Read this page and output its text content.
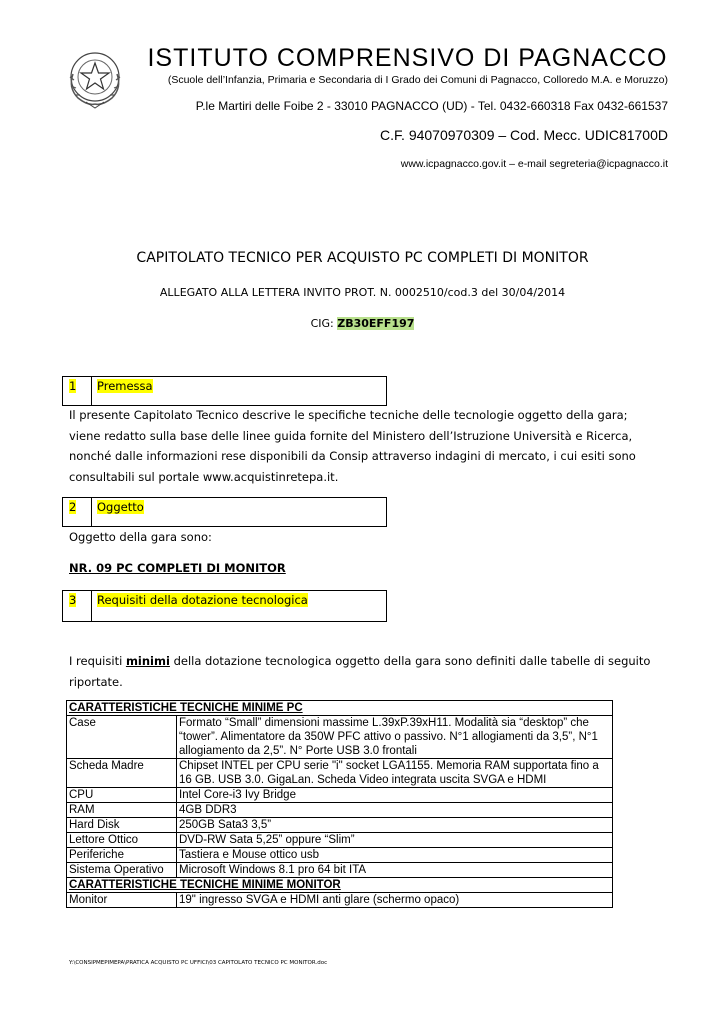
ISTITUTO COMPRENSIVO DI PAGNACCO
(Scuole dell’Infanzia, Primaria e Secondaria di I Grado dei Comuni di Pagnacco, Colloredo M.A. e Moruzzo)
P.le Martiri delle Foibe 2 - 33010 PAGNACCO (UD) - Tel. 0432-660318 Fax 0432-661537
C.F. 94070970309 – Cod. Mecc. UDIC81700D
www.icpagnacco.gov.it – e-mail segreteria@icpagnacco.it
CAPITOLATO TECNICO PER ACQUISTO PC COMPLETI DI MONITOR
ALLEGATO ALLA LETTERA INVITO PROT. N. 0002510/cod.3 del 30/04/2014
CIG: ZB30EFF197
1 Premessa
Il presente Capitolato Tecnico descrive le specifiche tecniche delle tecnologie oggetto della gara; viene redatto sulla base delle linee guida fornite del Ministero dell’Istruzione Università e Ricerca, nonché dalle informazioni rese disponibili da Consip attraverso indagini di mercato, i cui esiti sono consultabili sul portale www.acquistinretepa.it.
2 Oggetto
Oggetto della gara sono:
NR. 09 PC COMPLETI DI MONITOR
3 Requisiti della dotazione tecnologica
I requisiti minimi della dotazione tecnologica oggetto della gara sono definiti dalle tabelle di seguito riportate.
CARATTERISTICHE TECNICHE MINIME PC	
Case	Formato “Small” dimensioni massime L.39xP.39xH11. Modalità sia “desktop” che “tower”. Alimentatore da 350W PFC attivo o passivo. N°1 allogiamenti da 3,5”, N°1 allogiamento da 2,5”. N° Porte USB 3.0 frontali
Scheda Madre	Chipset INTEL per CPU serie "i" socket LGA1155. Memoria RAM supportata fino a 16 GB. USB 3.0. GigaLan. Scheda Video integrata uscita SVGA e HDMI
CPU	Intel Core-i3 Ivy Bridge
RAM	4GB DDR3
Hard Disk	250GB Sata3 3,5”
Lettore Ottico	DVD-RW Sata 5,25” oppure “Slim”
Periferiche	Tastiera e Mouse ottico usb
Sistema Operativo	Microsoft Windows 8.1 pro 64 bit ITA
CARATTERISTICHE TECNICHE MINIME MONITOR	
Monitor	19" ingresso SVGA e HDMI anti glare (schermo opaco)
Y:\CONSIPMEPIMEPA\PRATICA ACQUISTO PC UFFICI\03 CAPITOLATO TECNICO PC MONITOR.doc
